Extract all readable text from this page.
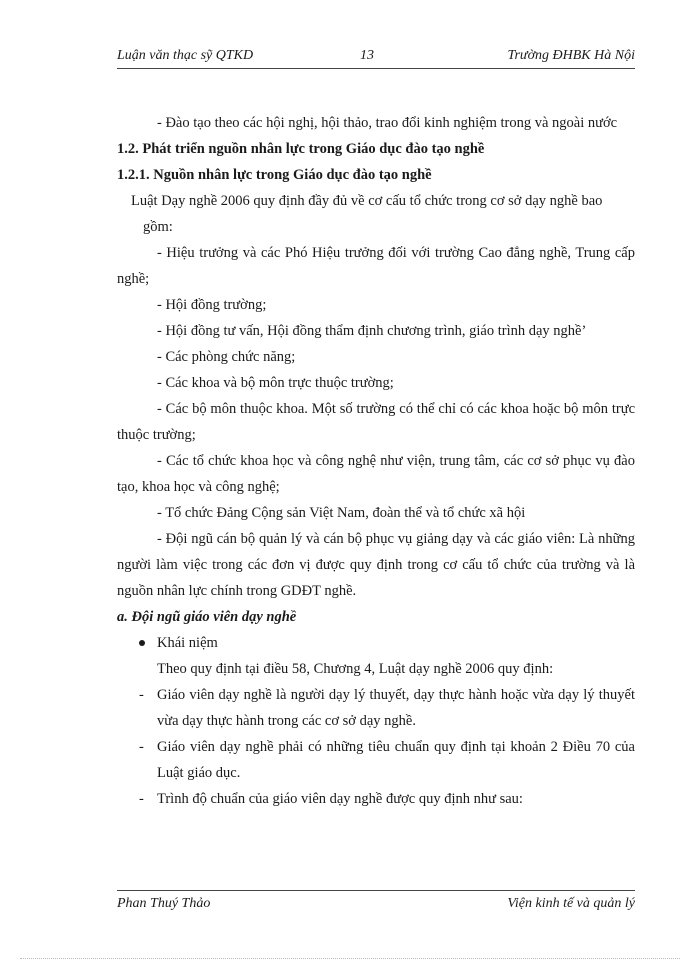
Luận văn thạc sỹ QTKD	13	Trường ĐHBK Hà Nội

- Đào tạo theo các hội nghị, hội thảo, trao đổi kinh nghiệm trong và ngoài nước

1.2. Phát triển nguồn nhân lực trong Giáo dục đào tạo nghề

1.2.1. Nguồn nhân lực trong Giáo dục đào tạo nghề

Luật Dạy nghề 2006 quy định đầy đủ về cơ cấu tổ chức trong cơ sở dạy nghề bao

gồm:

- Hiệu trưởng và các Phó Hiệu trưởng đối với trường Cao đẳng nghề, Trung cấp nghề;

- Hội đồng trường;

- Hội đồng tư vấn, Hội đồng thẩm định chương trình, giáo trình dạy nghề’

- Các phòng chức năng;

- Các khoa và bộ môn trực thuộc trường;

- Các bộ môn thuộc khoa. Một số trường có thể chỉ có các khoa hoặc bộ môn trực thuộc trường;

- Các tổ chức khoa học và công nghệ như viện, trung tâm, các cơ sở phục vụ đào tạo, khoa học và công nghệ;

- Tổ chức Đảng Cộng sản Việt Nam, đoàn thể và tổ chức xã hội

- Đội ngũ cán bộ quản lý và cán bộ phục vụ giảng dạy và các giáo viên: Là những người làm việc trong các đơn vị được quy định trong cơ cấu tổ chức của trường và là nguồn nhân lực chính trong GDĐT nghề.

a. Đội ngũ giáo viên dạy nghề

Khái niệm

Theo quy định tại điều 58, Chương 4, Luật dạy nghề 2006 quy định:

- Giáo viên dạy nghề là người dạy lý thuyết, dạy thực hành hoặc vừa dạy lý thuyết vừa dạy thực hành trong các cơ sở dạy nghề.

- Giáo viên dạy nghề phải có những tiêu chuẩn quy định tại khoản 2 Điều 70 của Luật giáo dục.

- Trình độ chuẩn của giáo viên dạy nghề được quy định như sau:

Phan Thuý Thảo	Viện kinh tế và quản lý
